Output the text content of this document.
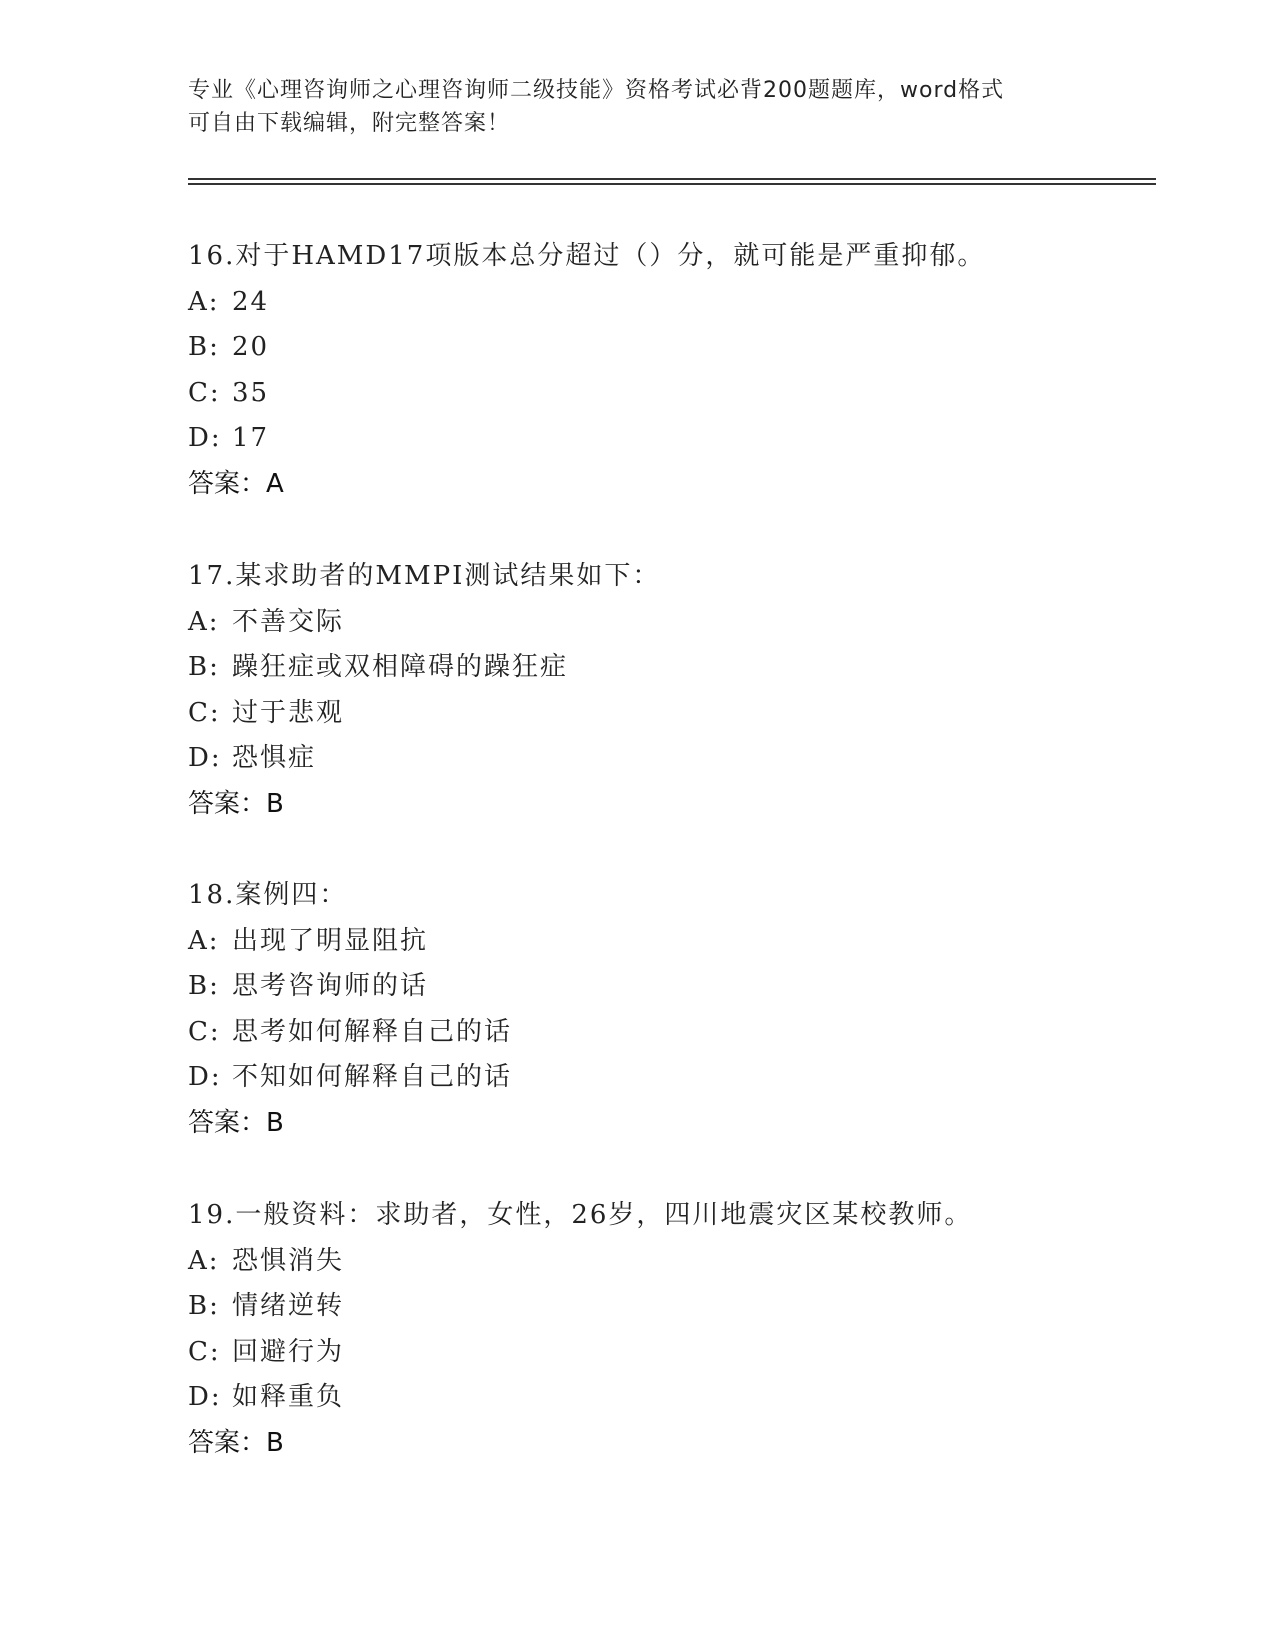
专业《心理咨询师之心理咨询师二级技能》资格考试必背200题题库，word格式
可自由下载编辑，附完整答案！
16.对于HAMD17项版本总分超过（）分，就可能是严重抑郁。
A: 24
B: 20
C: 35
D: 17
答案：A
17.某求助者的MMPI测试结果如下：
A: 不善交际
B: 躁狂症或双相障碍的躁狂症
C: 过于悲观
D: 恐惧症
答案：B
18.案例四：
A: 出现了明显阻抗
B: 思考咨询师的话
C: 思考如何解释自己的话
D: 不知如何解释自己的话
答案：B
19.一般资料：求助者，女性，26岁，四川地震灾区某校教师。
A: 恐惧消失
B: 情绪逆转
C: 回避行为
D: 如释重负
答案：B
